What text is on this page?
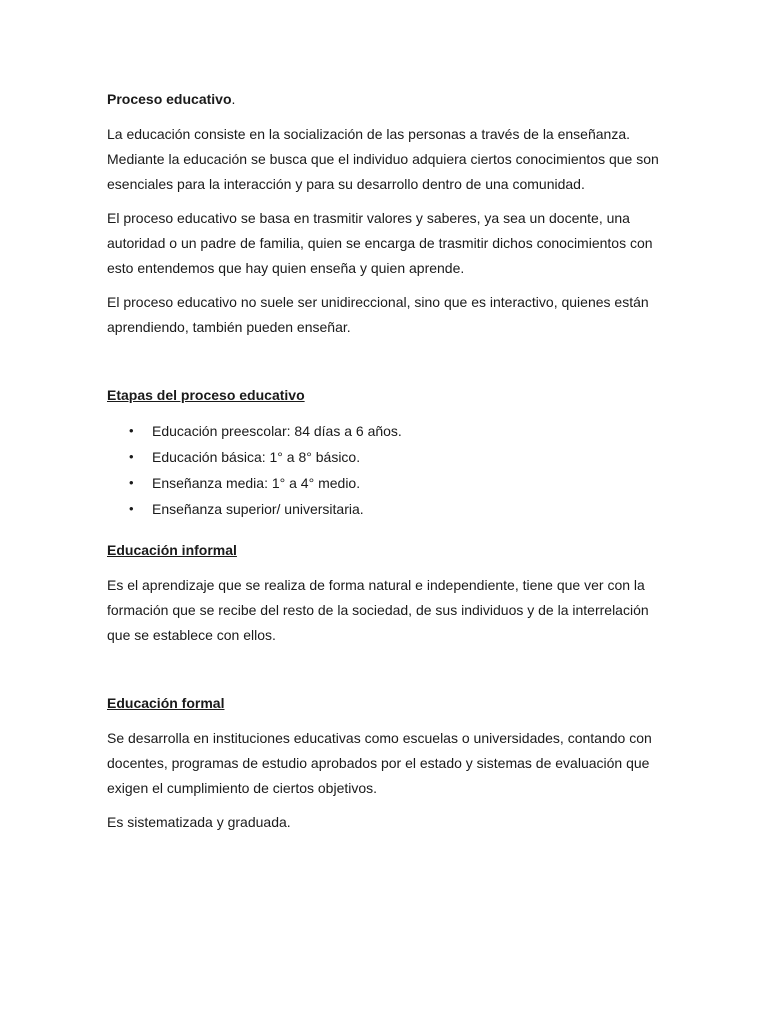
Proceso educativo.

La educación consiste en la socialización de las personas a través de la enseñanza. Mediante la educación se busca que el individuo adquiera ciertos conocimientos que son esenciales para la interacción y para su desarrollo dentro de una comunidad.

El proceso educativo se basa en trasmitir valores y saberes, ya sea un docente, una autoridad o un padre de familia, quien se encarga de trasmitir dichos conocimientos con esto entendemos que hay quien enseña y quien aprende.

El proceso educativo no suele ser unidireccional, sino que es interactivo, quienes están aprendiendo, también pueden enseñar.

Etapas del proceso educativo
• Educación preescolar: 84 días a 6 años.
• Educación básica: 1° a 8° básico.
• Enseñanza media: 1° a 4° medio.
• Enseñanza superior/ universitaria.
Educación informal

Es el aprendizaje que se realiza de forma natural e independiente, tiene que ver con la formación que se recibe del resto de la sociedad, de sus individuos y de la interrelación que se establece con ellos.

Educación formal

Se desarrolla en instituciones educativas como escuelas o universidades, contando con docentes, programas de estudio aprobados por el estado y sistemas de evaluación que exigen el cumplimiento de ciertos objetivos.

Es sistematizada y graduada.
